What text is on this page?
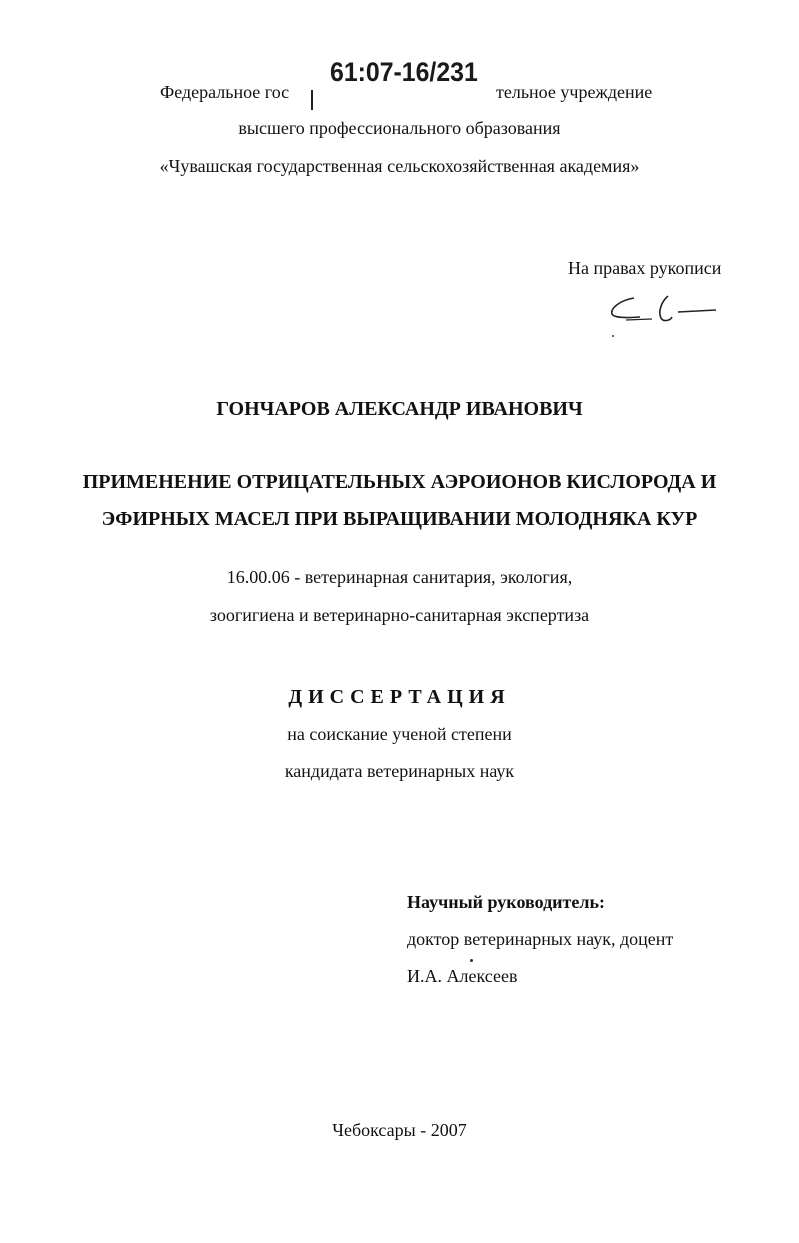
Федеральное гос	тельное учреждение
61:07-16/231
высшего профессионального образования
«Чувашская государственная сельскохозяйственная академия»
На правах рукописи
ГОНЧАРОВ АЛЕКСАНДР ИВАНОВИЧ
ПРИМЕНЕНИЕ ОТРИЦАТЕЛЬНЫХ АЭРОИОНОВ КИСЛОРОДА И
ЭФИРНЫХ МАСЕЛ ПРИ ВЫРАЩИВАНИИ МОЛОДНЯКА КУР
16.00.06 - ветеринарная санитария, экология,
зоогигиена и ветеринарно-санитарная экспертиза
ДИССЕРТАЦИЯ
на соискание ученой степени
кандидата ветеринарных наук
Научный руководитель:
доктор ветеринарных наук, доцент
И.А. Алексеев
Чебоксары - 2007
